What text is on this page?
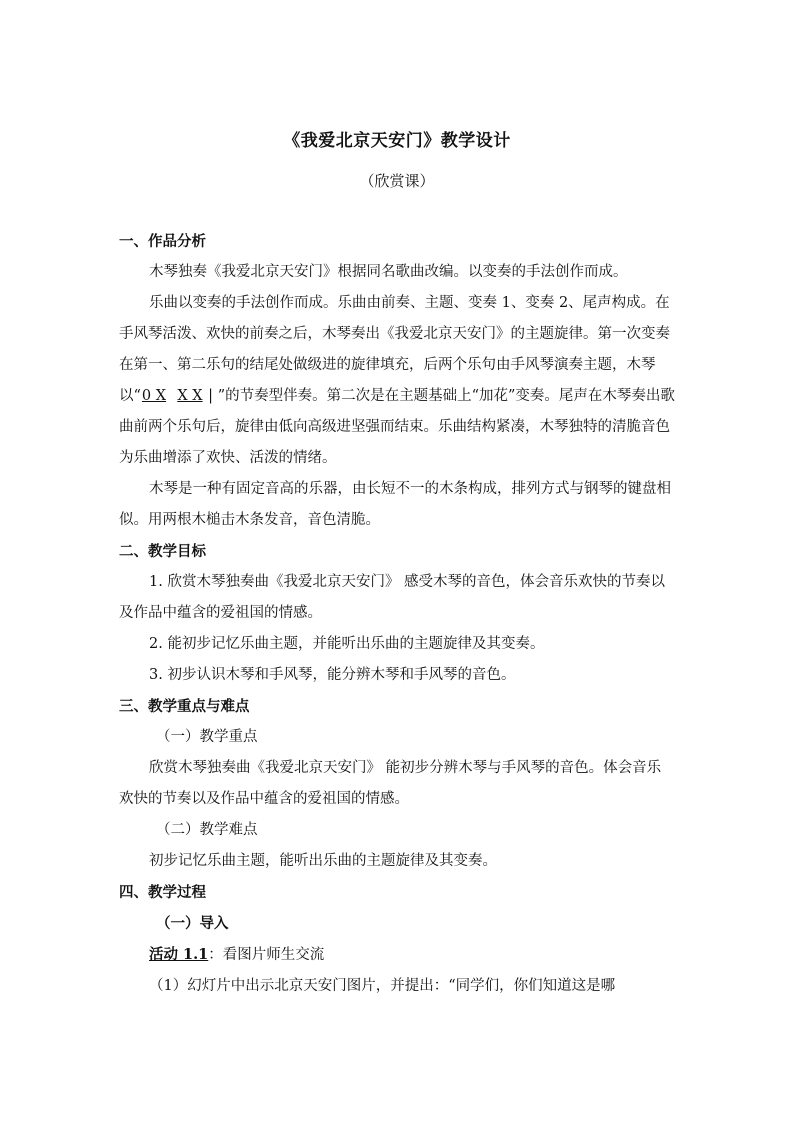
《我爱北京天安门》教学设计
（欣赏课）

一、作品分析

木琴独奏《我爱北京天安门》根据同名歌曲改编。以变奏的手法创作而成。

乐曲以变奏的手法创作而成。乐曲由前奏、主题、变奏 1、变奏 2、尾声构成。在手风琴活泼、欢快的前奏之后，木琴奏出《我爱北京天安门》的主题旋律。第一次变奏在第一、第二乐句的结尾处做级进的旋律填充，后两个乐句由手风琴演奏主题，木琴以“0 X X X | ”的节奏型伴奏。第二次是在主题基础上“加花”变奏。尾声在木琴奏出歌曲前两个乐句后，旋律由低向高级进坚强而结束。乐曲结构紧凑，木琴独特的清脆音色为乐曲增添了欢快、活泼的情绪。

木琴是一种有固定音高的乐器，由长短不一的木条构成，排列方式与钢琴的键盘相似。用两根木槌击木条发音，音色清脆。

二、教学目标

1. 欣赏木琴独奏曲《我爱北京天安门》 感受木琴的音色，体会音乐欢快的节奏以及作品中蕴含的爱祖国的情感。

2. 能初步记忆乐曲主题，并能听出乐曲的主题旋律及其变奏。

3. 初步认识木琴和手风琴，能分辨木琴和手风琴的音色。

三、教学重点与难点

（一）教学重点

欣赏木琴独奏曲《我爱北京天安门》 能初步分辨木琴与手风琴的音色。体会音乐欢快的节奏以及作品中蕴含的爱祖国的情感。

（二）教学难点

初步记忆乐曲主题，能听出乐曲的主题旋律及其变奏。

四、教学过程

（一）导入

活动 1.1：看图片师生交流

（1）幻灯片中出示北京天安门图片，并提出：“同学们，你们知道这是哪
